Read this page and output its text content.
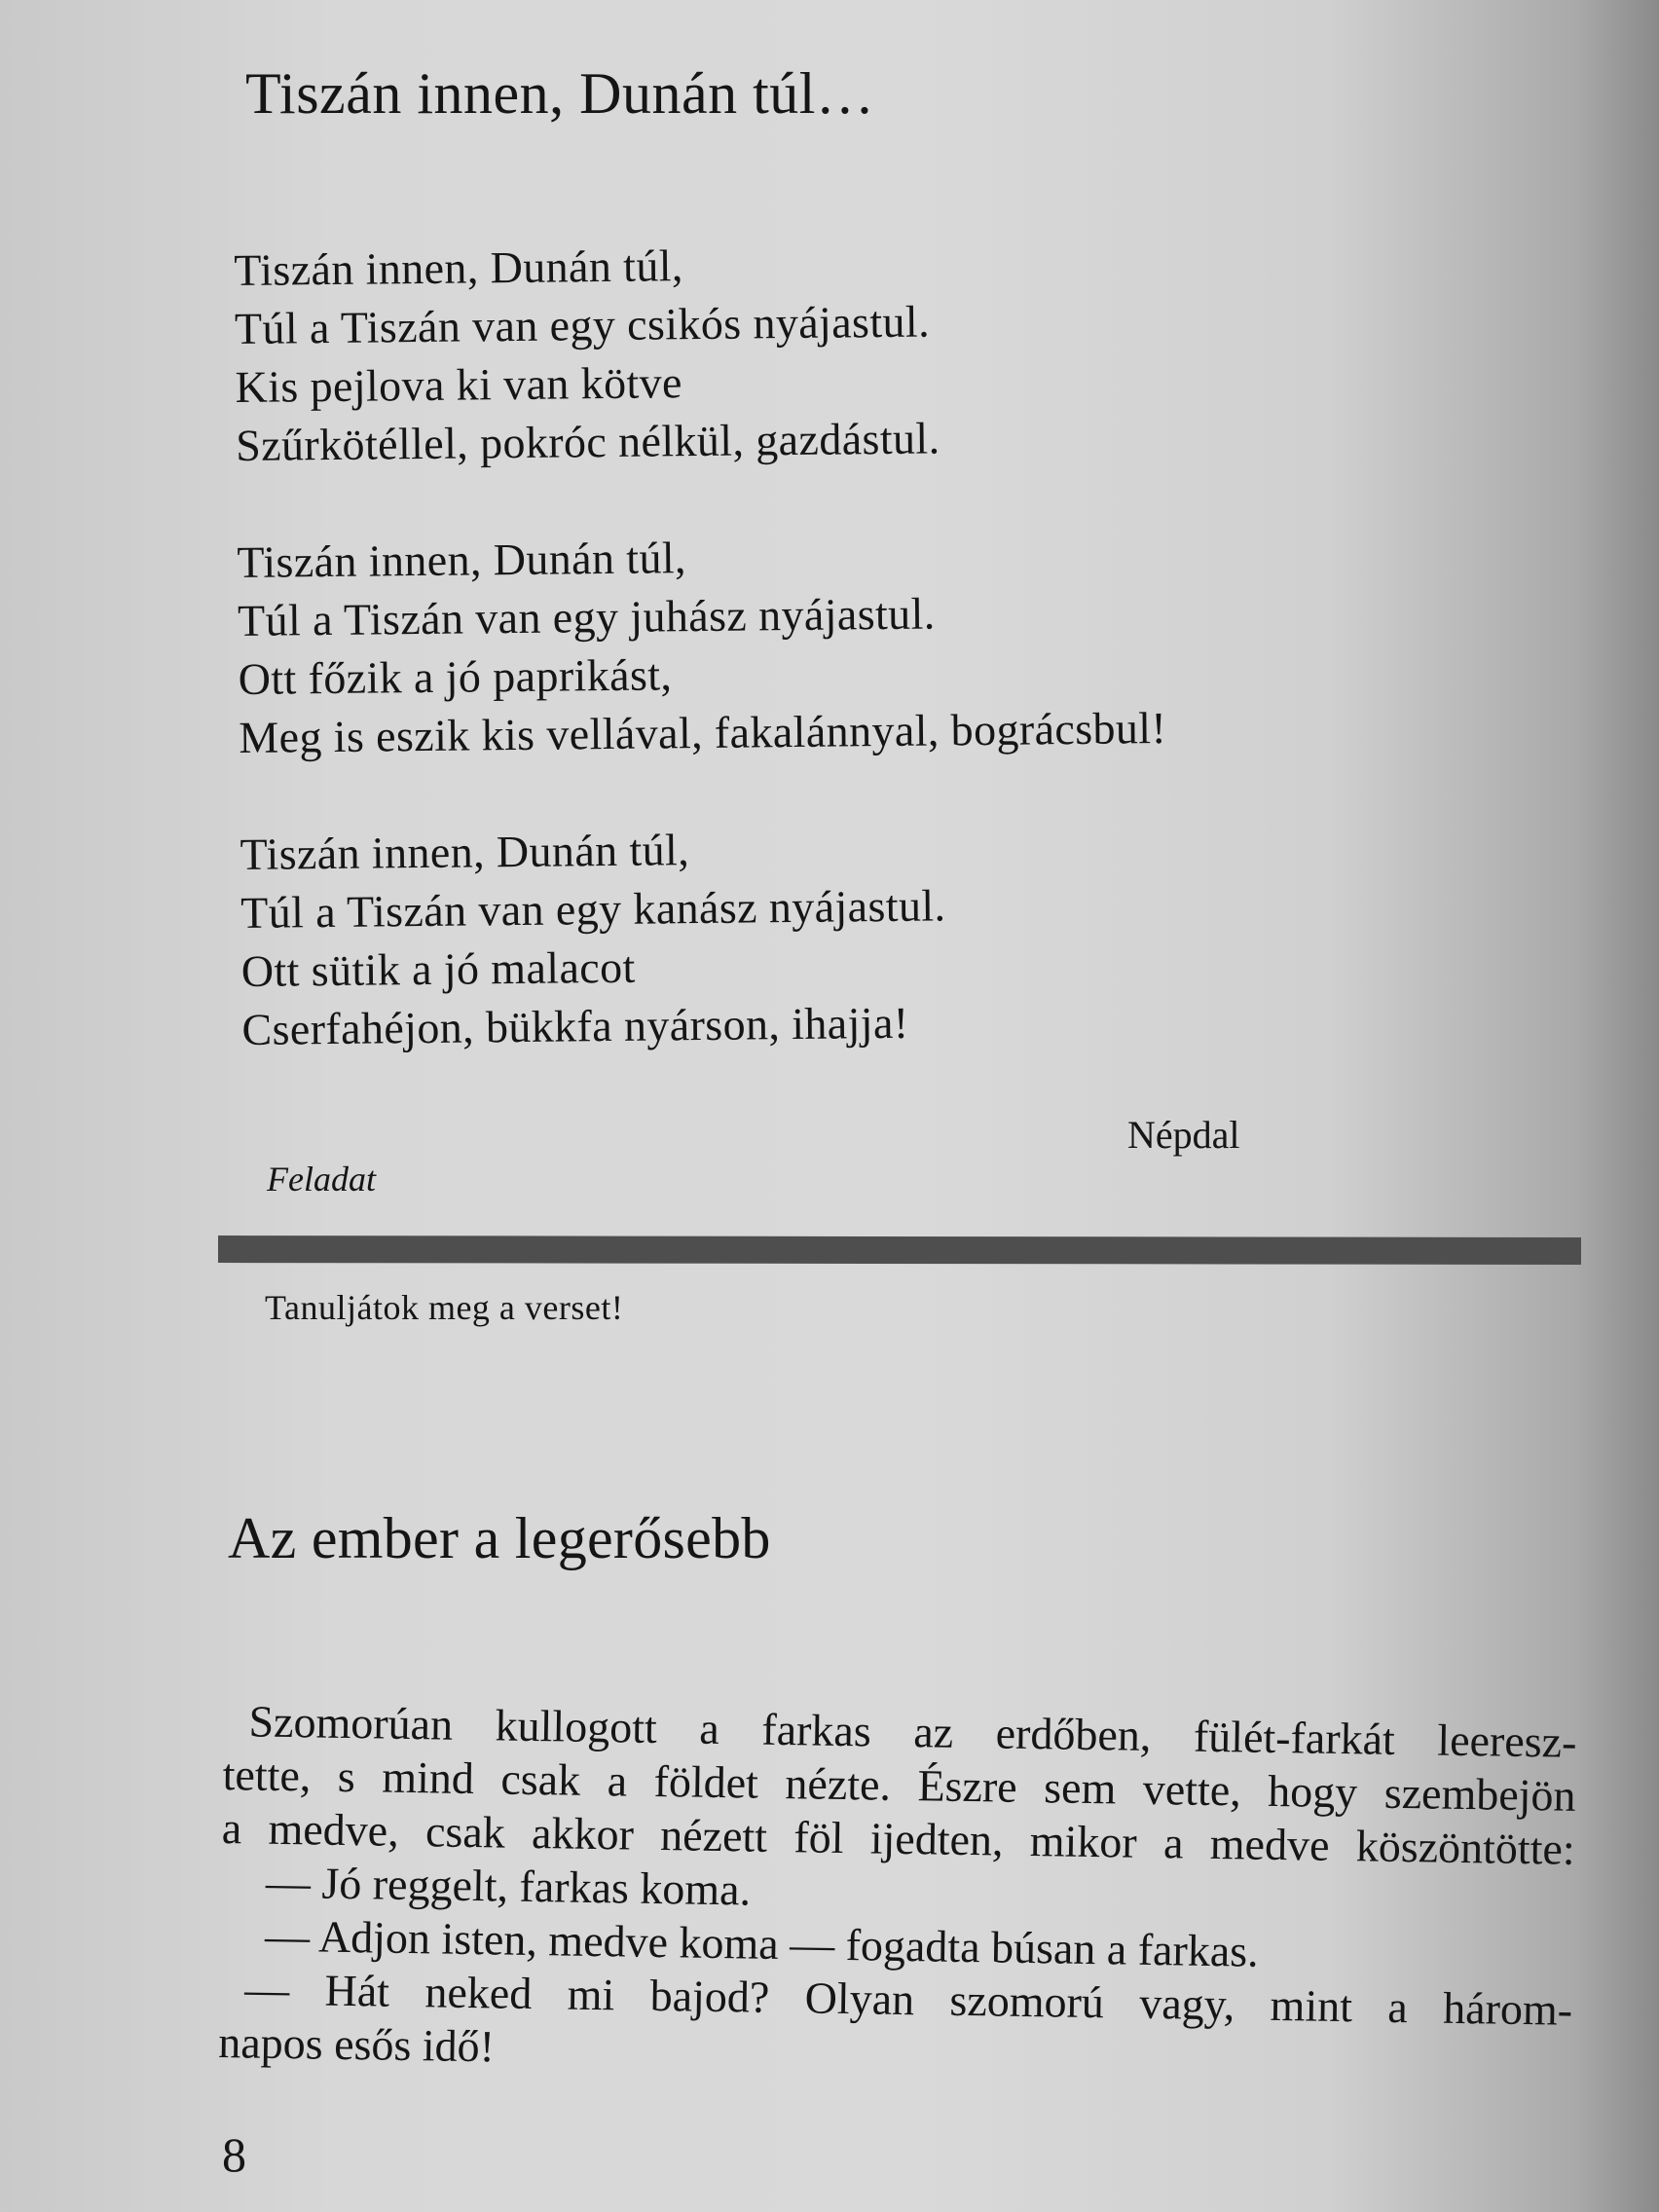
Tiszán innen, Dunán túl…
Tiszán innen, Dunán túl,
Túl a Tiszán van egy csikós nyájastul.
Kis pejlova ki van kötve
Szűrkötéllel, pokróc nélkül, gazdástul.
Tiszán innen, Dunán túl,
Túl a Tiszán van egy juhász nyájastul.
Ott főzik a jó paprikást,
Meg is eszik kis vellával, fakalánnyal, bográcsbul!
Tiszán innen, Dunán túl,
Túl a Tiszán van egy kanász nyájastul.
Ott sütik a jó malacot
Cserfahéjon, bükkfa nyárson, ihajja!
Népdal
Feladat
Tanuljátok meg a verset!
Az ember a legerősebb

Szomorúan kullogott a farkas az erdőben, fülét-farkát leeresz-

tette, s mind csak a földet nézte. Észre sem vette, hogy szembejön

a medve, csak akkor nézett föl ijedten, mikor a medve köszöntötte:

— Jó reggelt, farkas koma.
— Adjon isten, medve koma — fogadta búsan a farkas.

— Hát neked mi bajod? Olyan szomorú vagy, mint a három-

napos esős idő!

8
